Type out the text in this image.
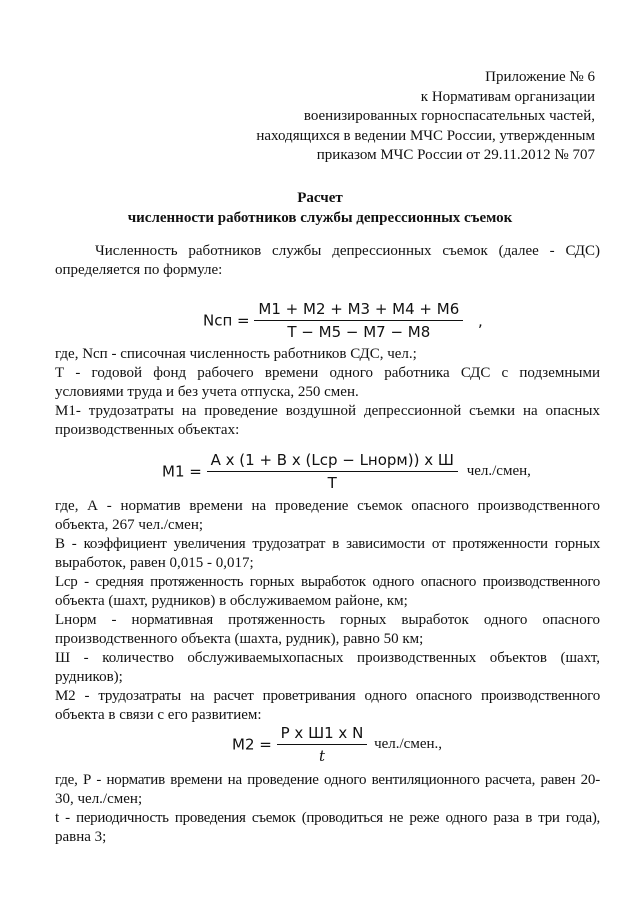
Приложение № 6
к Нормативам организации
военизированных горноспасательных частей,
находящихся в ведении МЧС России, утвержденным
приказом МЧС России от 29.11.2012 № 707
Расчет
численности работников службы депрессионных съемок
Численность работников службы депрессионных съемок (далее - СДС) определяется по формуле:
Nсп = $\frac{M1 + M2 + M3 + M4 + M6}{T - M5 - M7 - M8}$ ,
где, Nсп - списочная численность работников СДС, чел.;
Т - годовой фонд рабочего времени одного работника СДС с подземными
условиями труда и без учета отпуска, 250 смен.
М1- трудозатраты на проведение воздушной депрессионной съемки на опасных
производственных объектах:
$M1 = \frac{\text{A x (1 + B x (Lср − Lнорм)) x Ш}}{T}$ чел./смен,
где, А - норматив времени на проведение съемок опасного производственного
объекта, 267 чел./смен;
В - коэффициент увеличения трудозатрат в зависимости от протяженности горных
выработок, равен 0,015 - 0,017;
Lср - средняя протяженность горных выработок одного опасного производственного
объекта (шахт, рудников) в обслуживаемом районе, км;
Lнорм - нормативная протяженность горных выработок одного опасного
производственного объекта (шахта, рудник), равно 50 км;
Ш - количество обслуживаемыхопасных производственных объектов (шахт,
рудников);
М2 - трудозатраты на расчет проветривания одного опасного производственного
объекта в связи с его развитием:
$M2 = \frac{\text{P x Ш1 x N}}{t}$ чел./смен.,
где, Р - норматив времени на проведение одного вентиляционного расчета, равен 20-
30, чел./смен;
t - периодичность проведения съемок (проводиться не реже одного раза в три года),
равна 3;
